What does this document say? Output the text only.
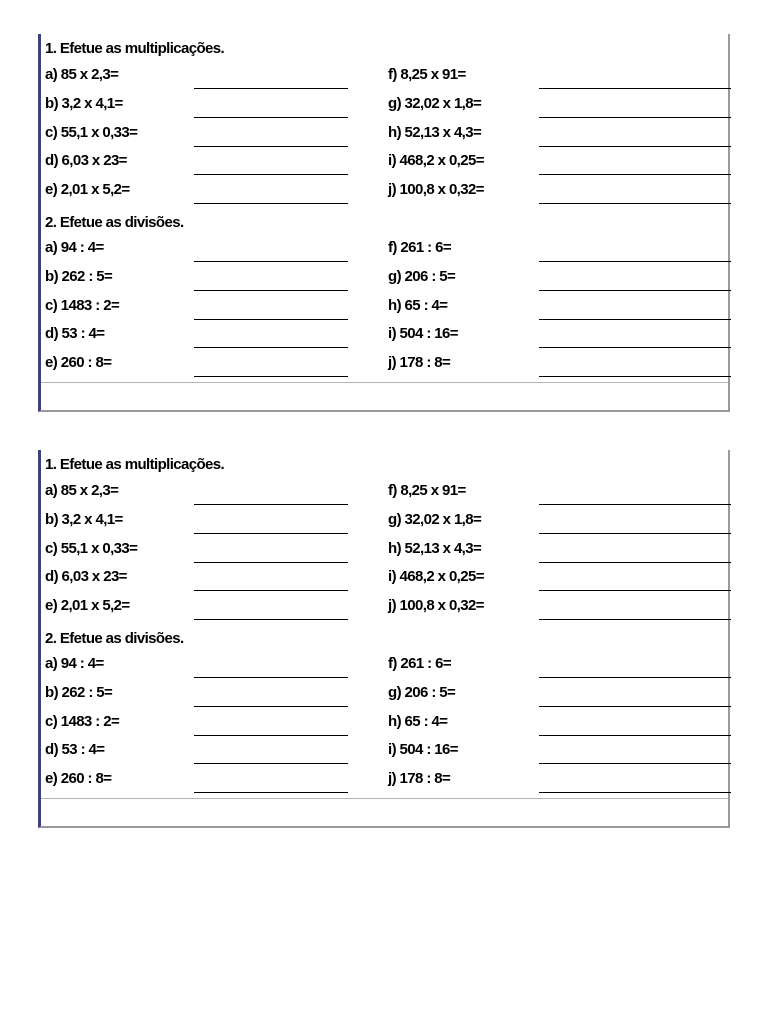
1. Efetue as multiplicações.
2. Efetue as divisões.
a) 85 x 2,3=	f) 8,25 x 91=
b) 3,2 x 4,1=	g) 32,02 x 1,8=
c) 55,1 x 0,33=	h) 52,13 x 4,3=
d) 6,03 x 23=	i) 468,2 x 0,25=
e) 2,01 x 5,2=	j) 100,8 x 0,32=
a) 94 : 4=	f) 261 : 6=
b) 262 : 5=	g) 206 : 5=
c) 1483 : 2=	h) 65 : 4=
d) 53 : 4=	i) 504 : 16=
e) 260 : 8=	j) 178 : 8=
1. Efetue as multiplicações.
2. Efetue as divisões.
a) 85 x 2,3=	f) 8,25 x 91=
b) 3,2 x 4,1=	g) 32,02 x 1,8=
c) 55,1 x 0,33=	h) 52,13 x 4,3=
d) 6,03 x 23=	i) 468,2 x 0,25=
e) 2,01 x 5,2=	j) 100,8 x 0,32=
a) 94 : 4=	f) 261 : 6=
b) 262 : 5=	g) 206 : 5=
c) 1483 : 2=	h) 65 : 4=
d) 53 : 4=	i) 504 : 16=
e) 260 : 8=	j) 178 : 8=
